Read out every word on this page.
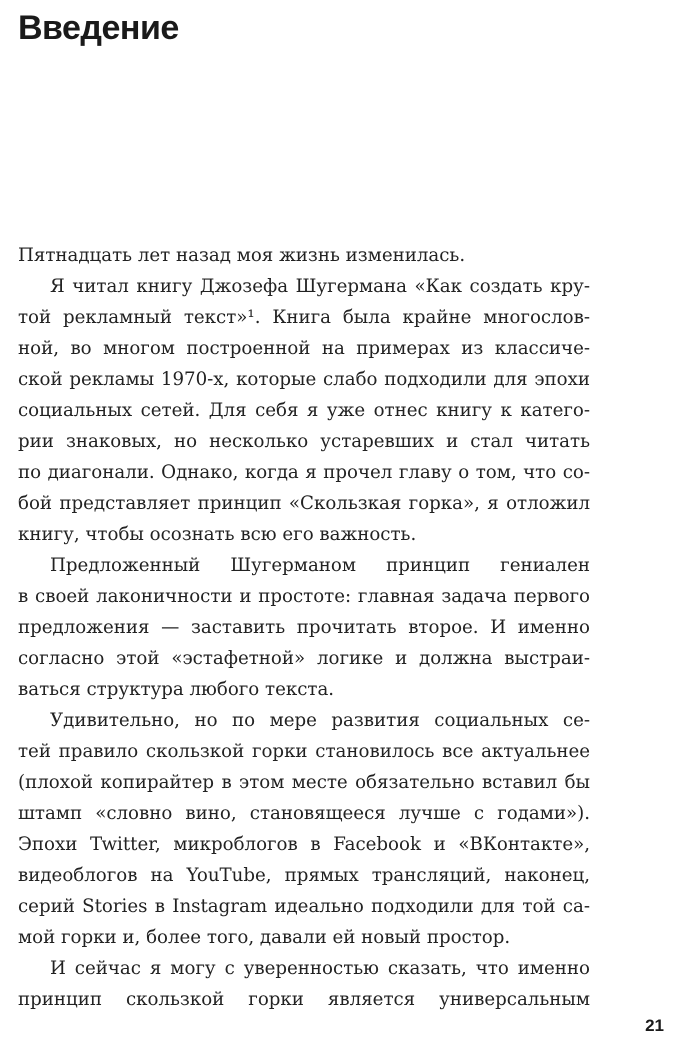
Введение
Пятнадцать лет назад моя жизнь изменилась.
Я читал книгу Джозефа Шугермана «Как создать кру-
той рекламный текст»¹. Книга была крайне многослов-
ной, во многом построенной на примерах из классиче-
ской рекламы 1970-х, которые слабо подходили для эпохи
социальных сетей. Для себя я уже отнес книгу к катего-
рии знаковых, но несколько устаревших и стал читать
по диагонали. Однако, когда я прочел главу о том, что со-
бой представляет принцип «Скользкая горка», я отложил
книгу, чтобы осознать всю его важность.
Предложенный Шугерманом принцип гениален
в своей лаконичности и простоте: главная задача первого
предложения — заставить прочитать второе. И именно
согласно этой «эстафетной» логике и должна выстраи-
ваться структура любого текста.
Удивительно, но по мере развития социальных се-
тей правило скользкой горки становилось все актуальнее
(плохой копирайтер в этом месте обязательно вставил бы
штамп «словно вино, становящееся лучше с годами»).
Эпохи Twitter, микроблогов в Facebook и «ВКонтакте»,
видеоблогов на YouTube, прямых трансляций, наконец,
серий Stories в Instagram идеально подходили для той са-
мой горки и, более того, давали ей новый простор.
И сейчас я могу с уверенностью сказать, что именно
принцип скользкой горки является универсальным
21
